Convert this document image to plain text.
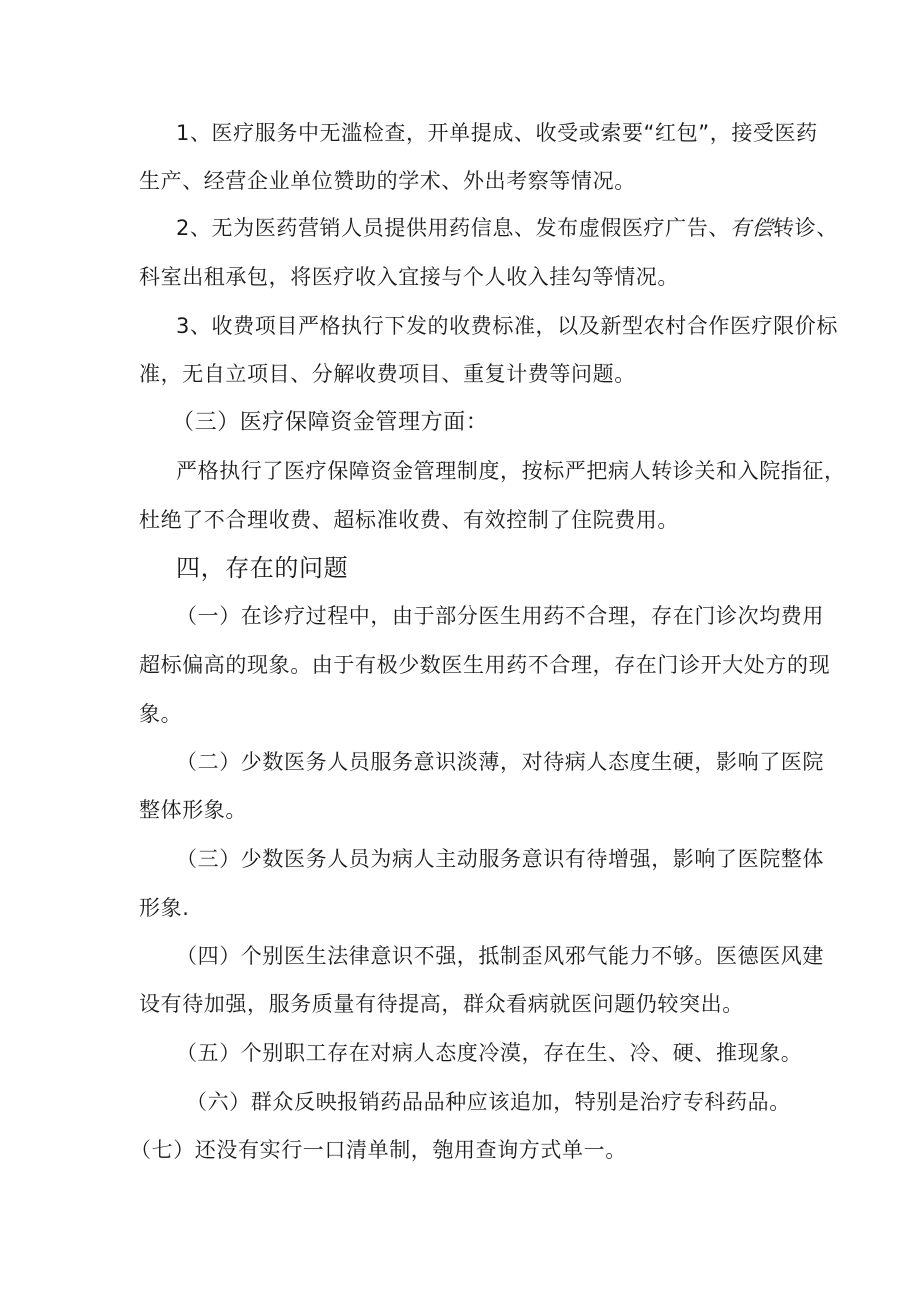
1、医疗服务中无滥检查，开单提成、收受或索要“红包”，接受医药
生产、经营企业单位赞助的学术、外出考察等情况。
2、无为医药营销人员提供用药信息、发布虚假医疗广告、有偿转诊、
科室出租承包，将医疗收入宜接与个人收入挂勾等情况。
3、收费项目严格执行下发的收费标准，以及新型农村合作医疗限价标
准，无自立项目、分解收费项目、重复计费等问题。
（三）医疗保障资金管理方面：
严格执行了医疗保障资金管理制度，按标严把病人转诊关和入院指征，
杜绝了不合理收费、超标准收费、有效控制了住院费用。
四，存在的问题
（一）在诊疗过程中，由于部分医生用药不合理，存在门诊次均费用
超标偏高的现象。由于有极少数医生用药不合理，存在门诊开大处方的现
象。
（二）少数医务人员服务意识淡薄，对待病人态度生硬，影响了医院
整体形象。
（三）少数医务人员为病人主动服务意识有待增强，影响了医院整体
形象.
（四）个别医生法律意识不强，抵制歪风邪气能力不够。医德医风建
设有待加强，服务质量有待提高，群众看病就医问题仍较突出。
（五）个别职工存在对病人态度冷漠，存在生、冷、硬、推现象。
（六）群众反映报销药品品种应该追加，特别是治疗专科药品。
（七）还没有实行一口清单制，匏用查询方式单一。
